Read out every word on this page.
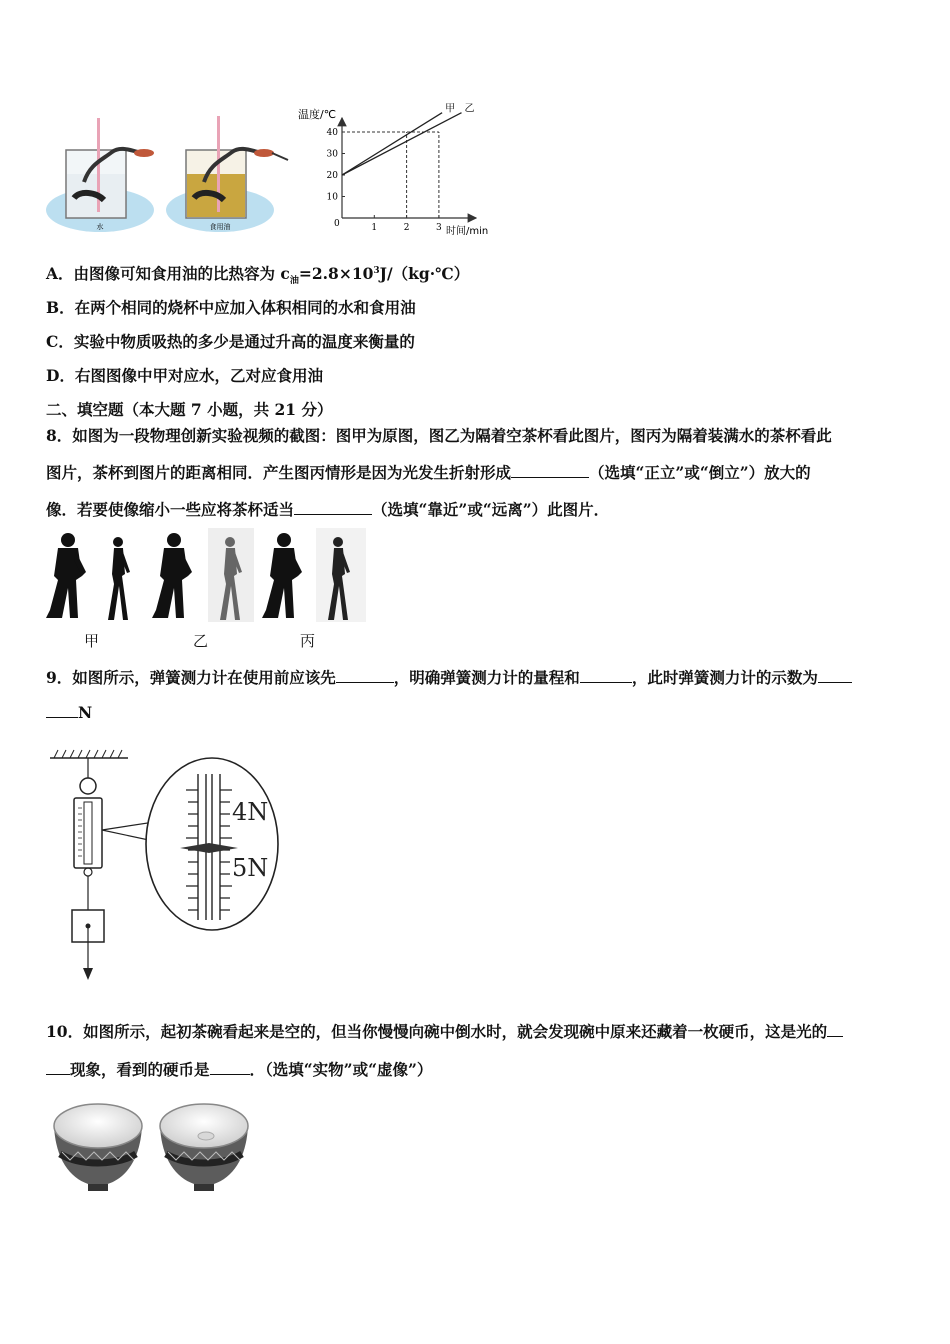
水	食用油
温度/℃
时间/min
0	1	2	3
10
20
30
40
甲 乙
A．由图像可知食用油的比热容为 $c_油=2.8\times 10^3J/(kg\cdot℃)$
B．在两个相同的烧杯中应加入体积相同的水和食用油
C．实验中物质吸热的多少是通过升高的温度来衡量的
D．右图图像中甲对应水，乙对应食用油
二、填空题（本大题 7 小题，共 21 分）
8．如图为一段物理创新实验视频的截图：图甲为原图，图乙为隔着空茶杯看此图片，图丙为隔着装满水的茶杯看此
图片，茶杯到图片的距离相同．产生图丙情形是因为光发生折射形成	（选填“正立”或“倒立”）放大的
像．若要使像缩小一些应将茶杯适当	（选填“靠近”或“远离”）此图片．
甲	乙	丙
9．如图所示，弹簧测力计在使用前应该先	，明确弹簧测力计的量程和	，此时弹簧测力计的示数为
N
4N
5N
10．如图所示，起初茶碗看起来是空的，但当你慢慢向碗中倒水时，就会发现碗中原来还藏着一枚硬币，这是光的
现象，看到的硬币是	．（选填“实物”或“虚像”）
